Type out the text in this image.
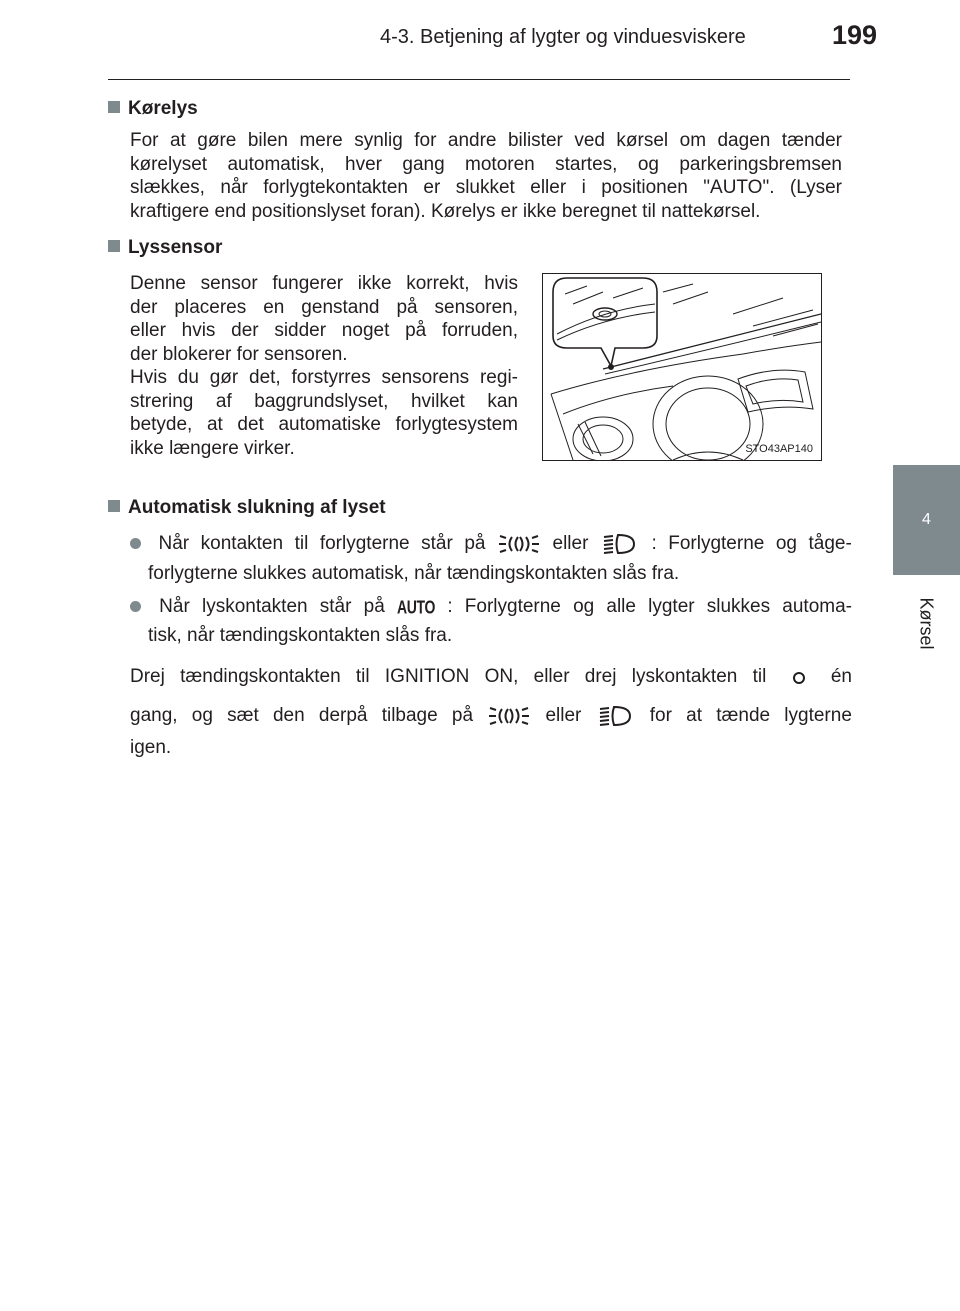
4-3. Betjening af lygter og vinduesviskere	199
4
Kørsel
Kørelys
For at gøre bilen mere synlig for andre bilister ved kørsel om dagen tænder
kørelyset automatisk, hver gang motoren startes, og parkeringsbremsen
slækkes, når forlygtekontakten er slukket eller i positionen "AUTO". (Lyser
kraftigere end positionslyset foran). Kørelys er ikke beregnet til nattekørsel.
Lyssensor
Denne sensor fungerer ikke korrekt, hvis
der placeres en genstand på sensoren,
eller hvis der sidder noget på forruden,
der blokerer for sensoren.
Hvis du gør det, forstyrres sensorens regi-
strering af baggrundslyset, hvilket kan
betyde, at det automatiske forlygtesystem
ikke længere virker.	STO43AP140
Automatisk slukning af lyset
Når kontakten til forlygterne står på	eller	: Forlygterne og tåge-
forlygterne slukkes automatisk, når tændingskontakten slås fra.
Når lyskontakten står på AUTO : Forlygterne og alle lygter slukkes automa-
tisk, når tændingskontakten slås fra.
Drej tændingskontakten til IGNITION ON, eller drej lyskontakten til	én
gang, og sæt den derpå tilbage på	eller	for at tænde lygterne
igen.
